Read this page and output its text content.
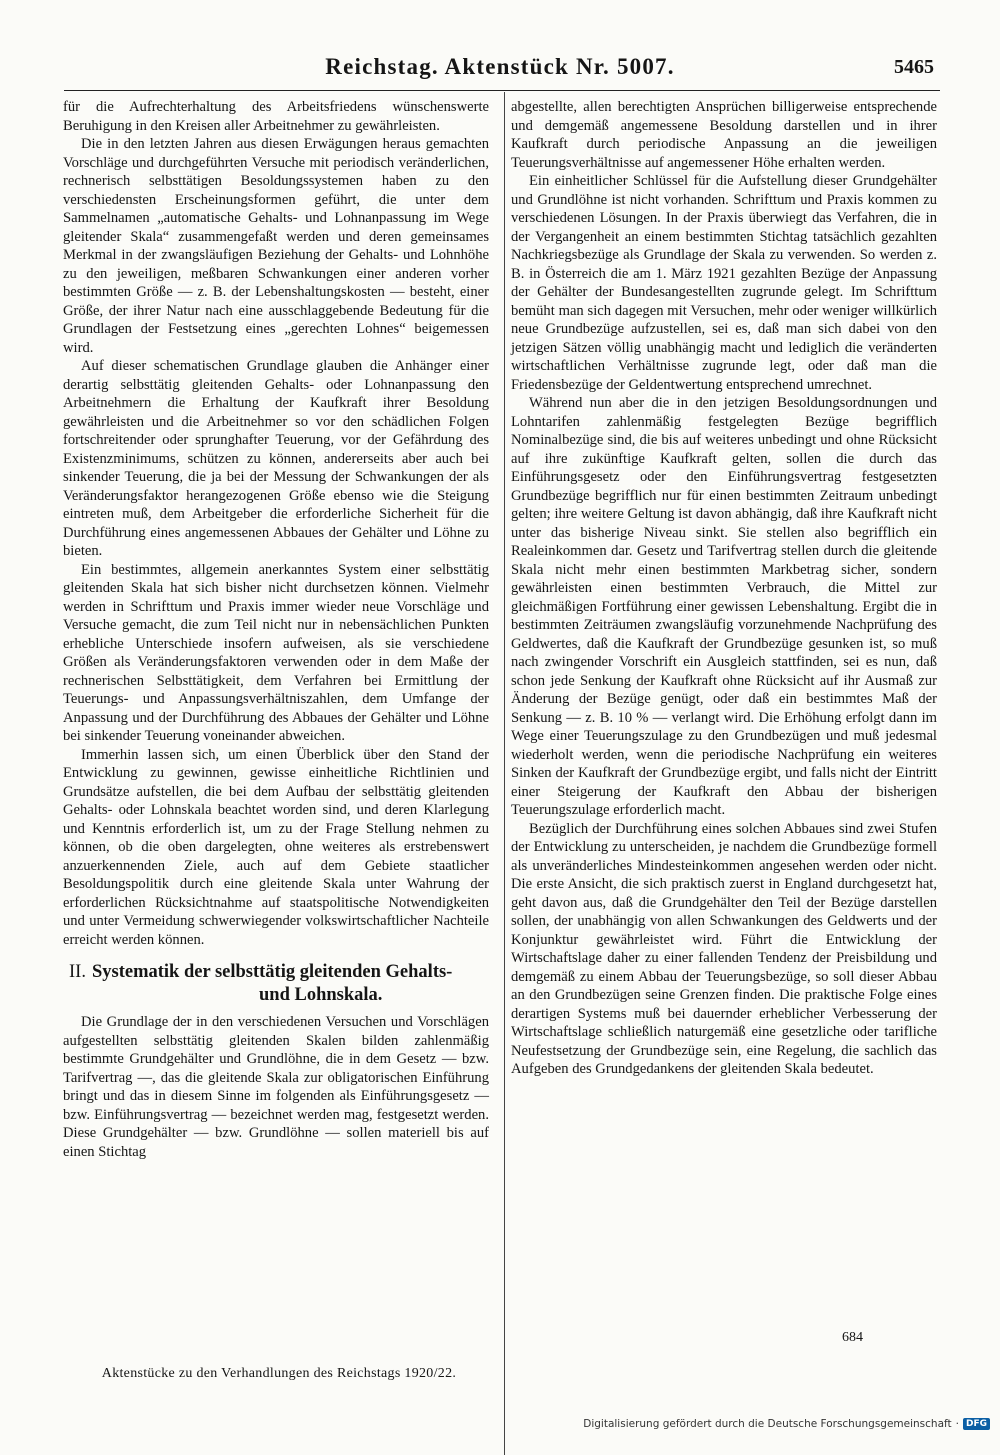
Reichstag. Aktenstück Nr. 5007.	5465

für die Aufrechterhaltung des Arbeitsfriedens wünschenswerte Beruhigung in den Kreisen aller Arbeitnehmer zu gewährleisten.

Die in den letzten Jahren aus diesen Erwägungen heraus gemachten Vorschläge und durchgeführten Versuche mit periodisch veränderlichen, rechnerisch selbsttätigen Besoldungssystemen haben zu den verschiedensten Erscheinungsformen geführt, die unter dem Sammelnamen „automatische Gehalts- und Lohnanpassung im Wege gleitender Skala“ zusammengefaßt werden und deren gemeinsames Merkmal in der zwangsläufigen Beziehung der Gehalts- und Lohnhöhe zu den jeweiligen, meßbaren Schwankungen einer anderen vorher bestimmten Größe — z. B. der Lebenshaltungskosten — besteht, einer Größe, der ihrer Natur nach eine ausschlaggebende Bedeutung für die Grundlagen der Festsetzung eines „gerechten Lohnes“ beigemessen wird.

Auf dieser schematischen Grundlage glauben die Anhänger einer derartig selbsttätig gleitenden Gehalts- oder Lohnanpassung den Arbeitnehmern die Erhaltung der Kaufkraft ihrer Besoldung gewährleisten und die Arbeitnehmer so vor den schädlichen Folgen fortschreitender oder sprunghafter Teuerung, vor der Gefährdung des Existenzminimums, schützen zu können, andererseits aber auch bei sinkender Teuerung, die ja bei der Messung der Schwankungen der als Veränderungsfaktor herangezogenen Größe ebenso wie die Steigung eintreten muß, dem Arbeitgeber die erforderliche Sicherheit für die Durchführung eines angemessenen Abbaues der Gehälter und Löhne zu bieten.

Ein bestimmtes, allgemein anerkanntes System einer selbsttätig gleitenden Skala hat sich bisher nicht durchsetzen können. Vielmehr werden in Schrifttum und Praxis immer wieder neue Vorschläge und Versuche gemacht, die zum Teil nicht nur in nebensächlichen Punkten erhebliche Unterschiede insofern aufweisen, als sie verschiedene Größen als Veränderungsfaktoren verwenden oder in dem Maße der rechnerischen Selbsttätigkeit, dem Verfahren bei Ermittlung der Teuerungs- und Anpassungsverhältniszahlen, dem Umfange der Anpassung und der Durchführung des Abbaues der Gehälter und Löhne bei sinkender Teuerung voneinander abweichen.

Immerhin lassen sich, um einen Überblick über den Stand der Entwicklung zu gewinnen, gewisse einheitliche Richtlinien und Grundsätze aufstellen, die bei dem Aufbau der selbsttätig gleitenden Gehalts- oder Lohnskala beachtet worden sind, und deren Klarlegung und Kenntnis erforderlich ist, um zu der Frage Stellung nehmen zu können, ob die oben dargelegten, ohne weiteres als erstrebenswert anzuerkennenden Ziele, auch auf dem Gebiete staatlicher Besoldungspolitik durch eine gleitende Skala unter Wahrung der erforderlichen Rücksichtnahme auf staatspolitische Notwendigkeiten und unter Vermeidung schwerwiegender volkswirtschaftlicher Nachteile erreicht werden können.

II. Systematik der selbsttätig gleitenden Gehalts-
und Lohnskala.

Die Grundlage der in den verschiedenen Versuchen und Vorschlägen aufgestellten selbsttätig gleitenden Skalen bilden zahlenmäßig bestimmte Grundgehälter und Grundlöhne, die in dem Gesetz — bzw. Tarifvertrag —, das die gleitende Skala zur obligatorischen Einführung bringt und das in diesem Sinne im folgenden als Einführungsgesetz — bzw. Einführungsvertrag — bezeichnet werden mag, festgesetzt werden. Diese Grundgehälter — bzw. Grundlöhne — sollen materiell bis auf einen Stichtag

abgestellte, allen berechtigten Ansprüchen billigerweise entsprechende und demgemäß angemessene Besoldung darstellen und in ihrer Kaufkraft durch periodische Anpassung an die jeweiligen Teuerungsverhältnisse auf angemessener Höhe erhalten werden.

Ein einheitlicher Schlüssel für die Aufstellung dieser Grundgehälter und Grundlöhne ist nicht vorhanden. Schrifttum und Praxis kommen zu verschiedenen Lösungen. In der Praxis überwiegt das Verfahren, die in der Vergangenheit an einem bestimmten Stichtag tatsächlich gezahlten Nachkriegsbezüge als Grundlage der Skala zu verwenden. So werden z. B. in Österreich die am 1. März 1921 gezahlten Bezüge der Anpassung der Gehälter der Bundesangestellten zugrunde gelegt. Im Schrifttum bemüht man sich dagegen mit Versuchen, mehr oder weniger willkürlich neue Grundbezüge aufzustellen, sei es, daß man sich dabei von den jetzigen Sätzen völlig unabhängig macht und lediglich die veränderten wirtschaftlichen Verhältnisse zugrunde legt, oder daß man die Friedensbezüge der Geldentwertung entsprechend umrechnet.

Während nun aber die in den jetzigen Besoldungsordnungen und Lohntarifen zahlenmäßig festgelegten Bezüge begrifflich Nominalbezüge sind, die bis auf weiteres unbedingt und ohne Rücksicht auf ihre zukünftige Kaufkraft gelten, sollen die durch das Einführungsgesetz oder den Einführungsvertrag festgesetzten Grundbezüge begrifflich nur für einen bestimmten Zeitraum unbedingt gelten; ihre weitere Geltung ist davon abhängig, daß ihre Kaufkraft nicht unter das bisherige Niveau sinkt. Sie stellen also begrifflich ein Realeinkommen dar. Gesetz und Tarifvertrag stellen durch die gleitende Skala nicht mehr einen bestimmten Markbetrag sicher, sondern gewährleisten einen bestimmten Verbrauch, die Mittel zur gleichmäßigen Fortführung einer gewissen Lebenshaltung. Ergibt die in bestimmten Zeiträumen zwangsläufig vorzunehmende Nachprüfung des Geldwertes, daß die Kaufkraft der Grundbezüge gesunken ist, so muß nach zwingender Vorschrift ein Ausgleich stattfinden, sei es nun, daß schon jede Senkung der Kaufkraft ohne Rücksicht auf ihr Ausmaß zur Änderung der Bezüge genügt, oder daß ein bestimmtes Maß der Senkung — z. B. 10 % — verlangt wird. Die Erhöhung erfolgt dann im Wege einer Teuerungszulage zu den Grundbezügen und muß jedesmal wiederholt werden, wenn die periodische Nachprüfung ein weiteres Sinken der Kaufkraft der Grundbezüge ergibt, und falls nicht der Eintritt einer Steigerung der Kaufkraft den Abbau der bisherigen Teuerungszulage erforderlich macht.

Bezüglich der Durchführung eines solchen Abbaues sind zwei Stufen der Entwicklung zu unterscheiden, je nachdem die Grundbezüge formell als unveränderliches Mindesteinkommen angesehen werden oder nicht. Die erste Ansicht, die sich praktisch zuerst in England durchgesetzt hat, geht davon aus, daß die Grundgehälter den Teil der Bezüge darstellen sollen, der unabhängig von allen Schwankungen des Geldwerts und der Konjunktur gewährleistet wird. Führt die Entwicklung der Wirtschaftslage daher zu einer fallenden Tendenz der Preisbildung und demgemäß zu einem Abbau der Teuerungsbezüge, so soll dieser Abbau an den Grundbezügen seine Grenzen finden. Die praktische Folge eines derartigen Systems muß bei dauernder erheblicher Verbesserung der Wirtschaftslage schließlich naturgemäß eine gesetzliche oder tarifliche Neufestsetzung der Grundbezüge sein, eine Regelung, die sachlich das Aufgeben des Grundgedankens der gleitenden Skala bedeutet.

Aktenstücke zu den Verhandlungen des Reichstags 1920/22.
684
Digitalisierung gefördert durch die Deutsche Forschungsgemeinschaft · DFG
